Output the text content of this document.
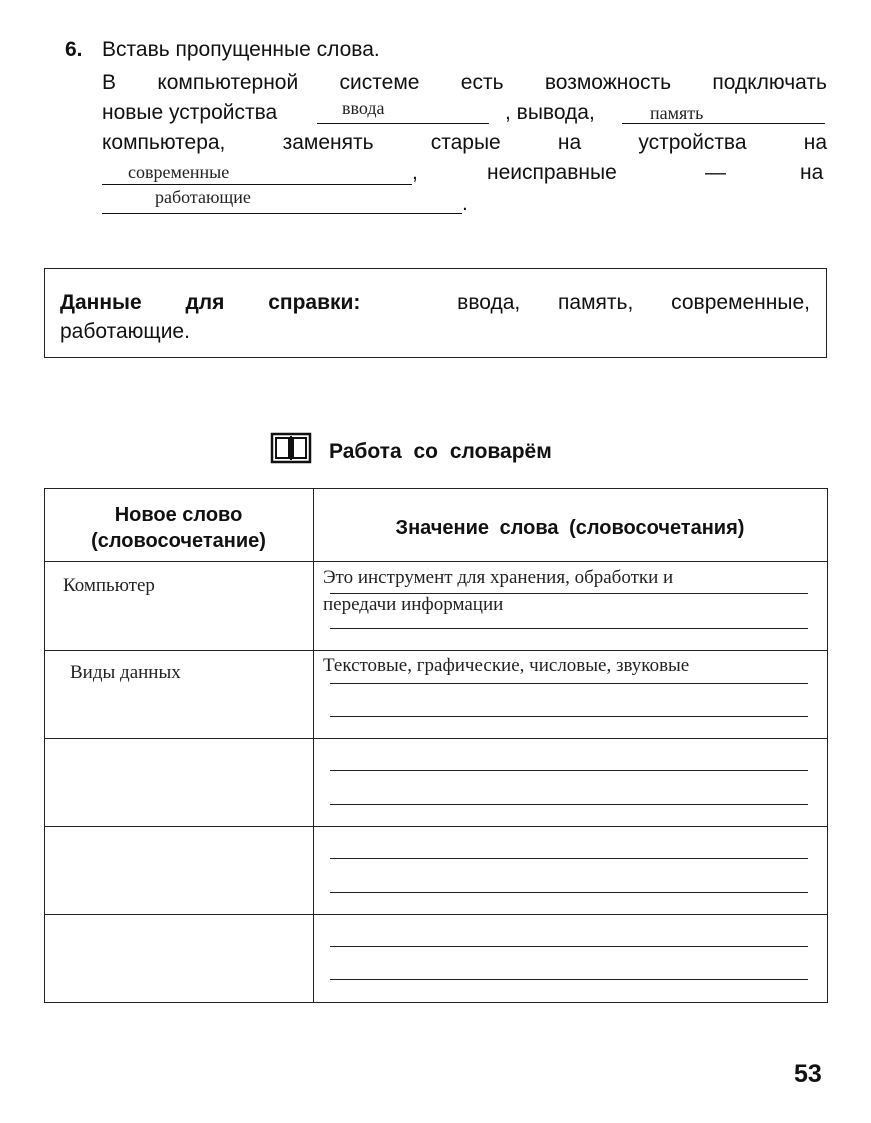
6. Вставь пропущенные слова.
В компьютерной системе есть возможность подключать
новые устройства	ввода	, вывода,	память
компьютера,	заменять	старые	на	устройства	на
современные	,	неисправные	—	на
работающие	.
Данные для справки:	ввода, память, современные,
работающие.
Работа со словарём
Новое слово
(словосочетание)
Значение слова (словосочетания)
Компьютер	Это инструмент для хранения, обработки и
передачи информации
Виды данных	Текстовые, графические, числовые, звуковые
53
